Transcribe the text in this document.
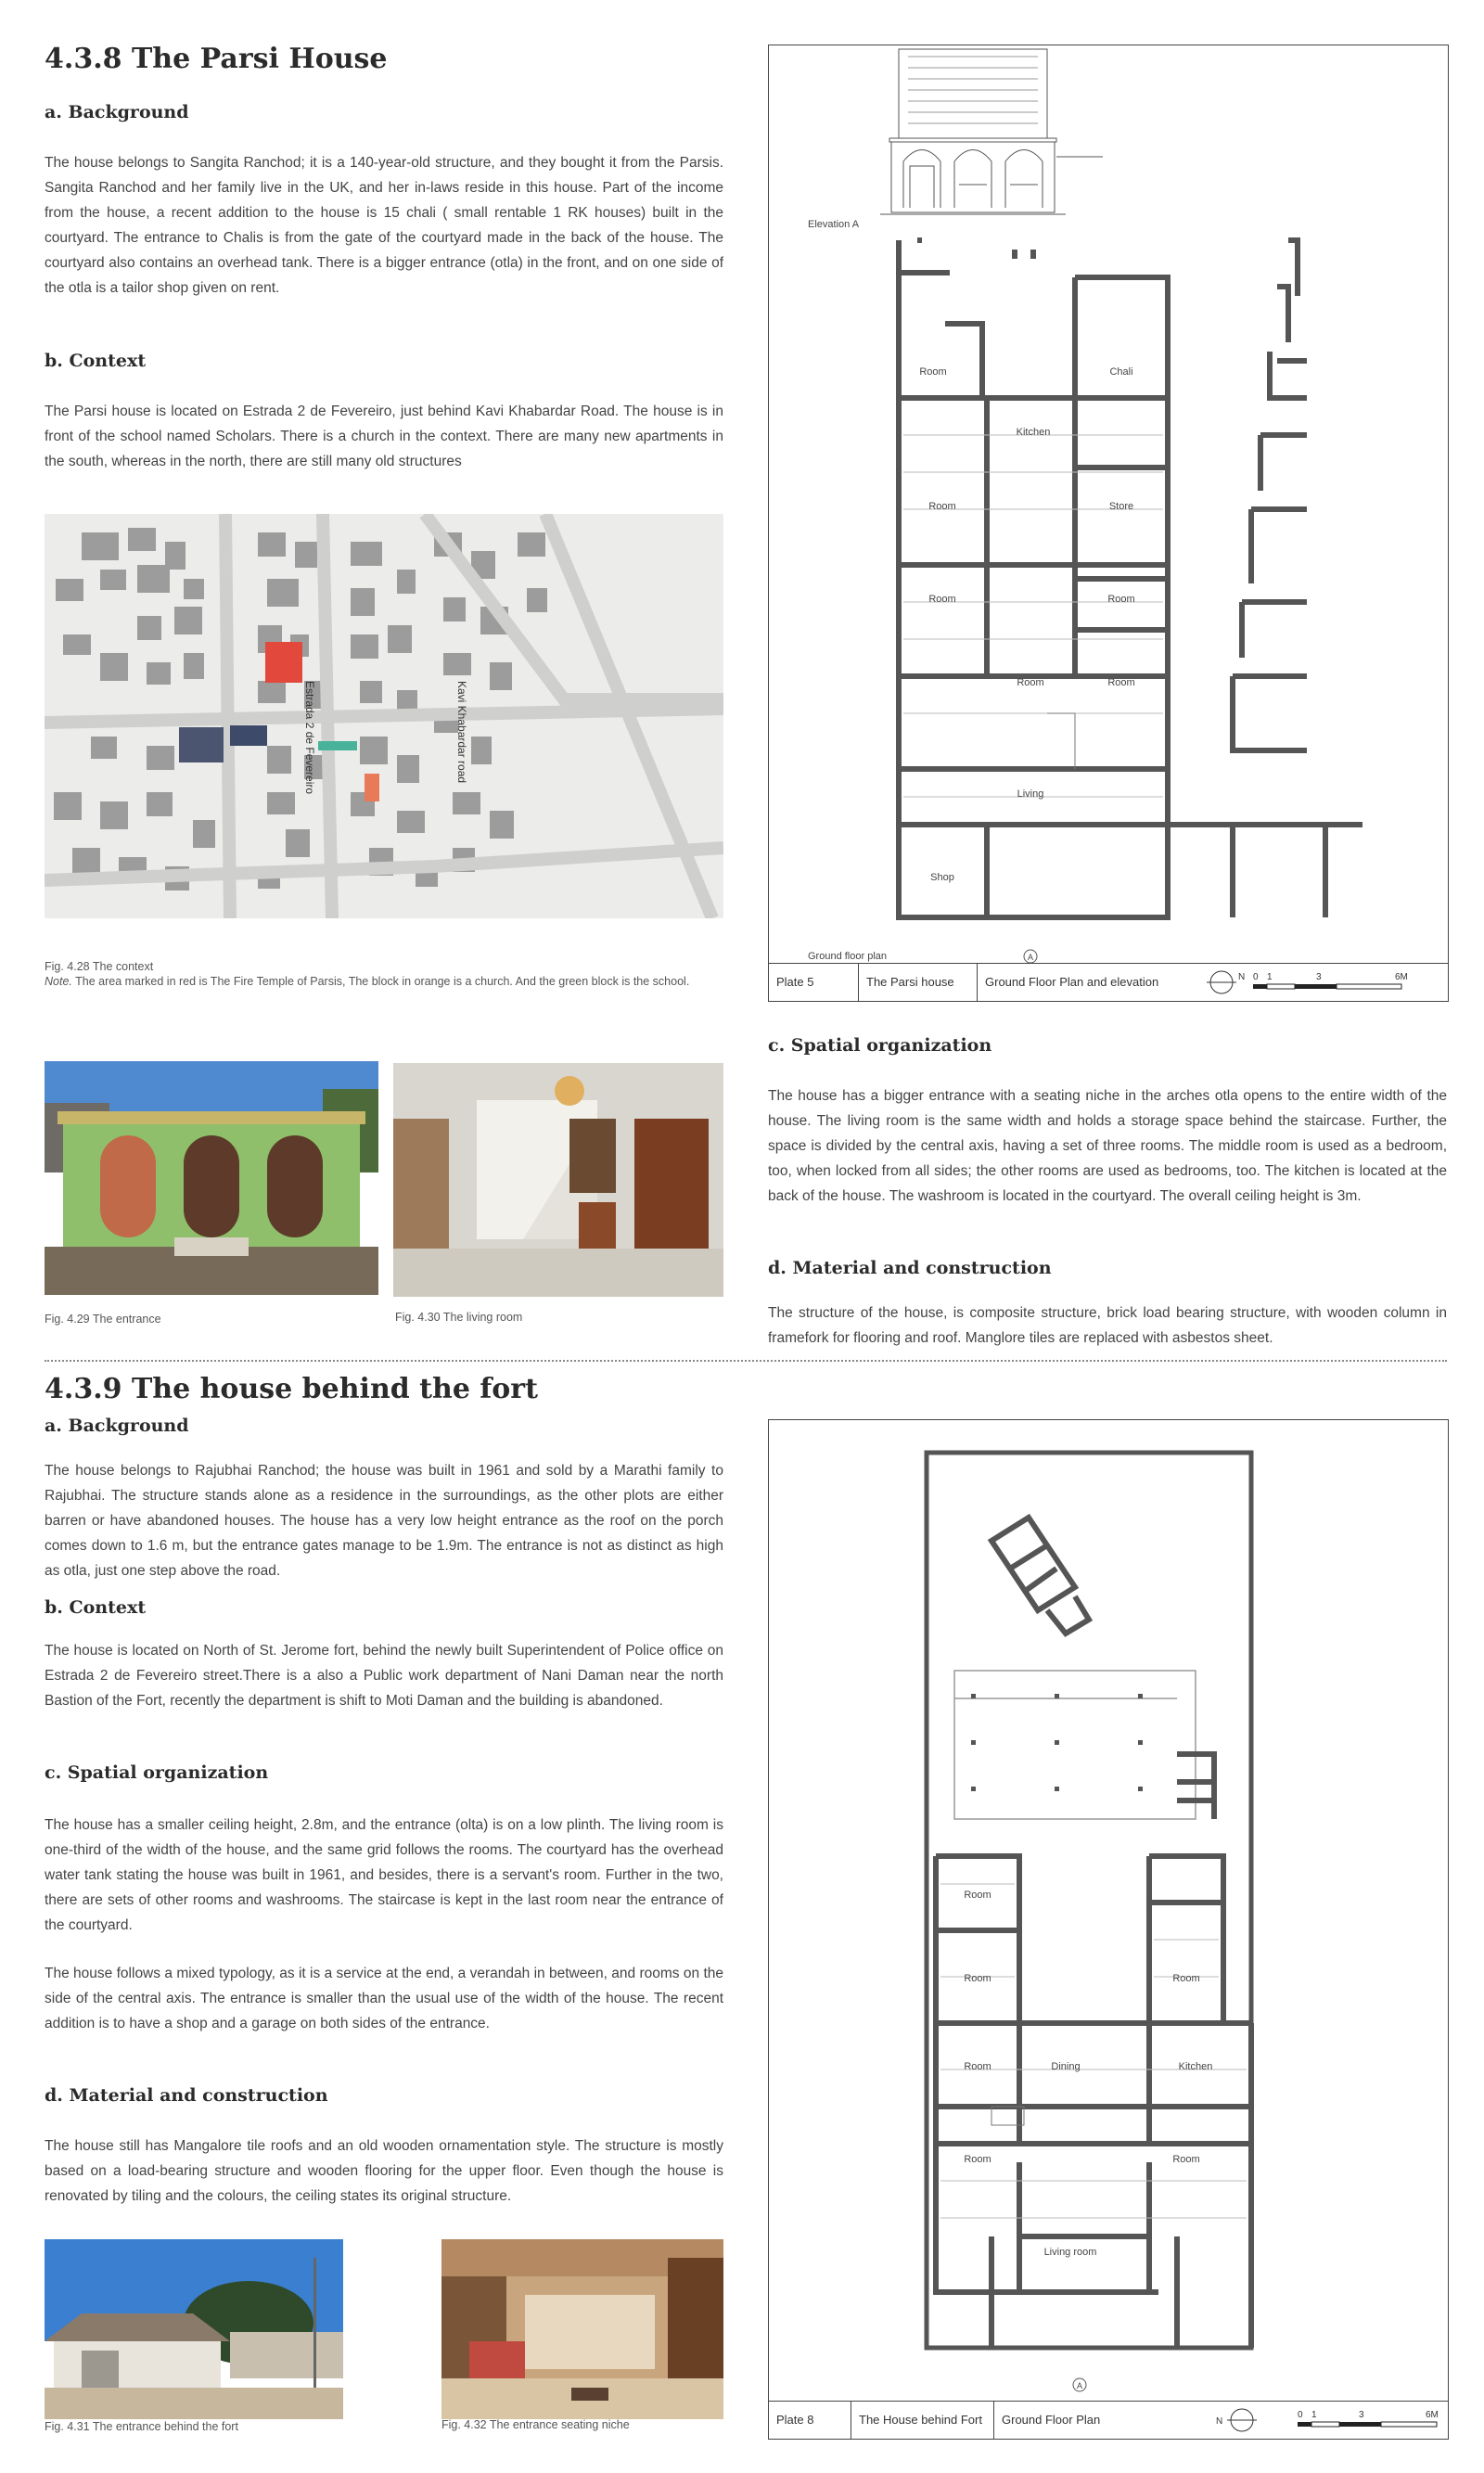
4.3.8 The Parsi House
a. Background

The house belongs to Sangita Ranchod; it is a 140-year-old structure, and they bought it from the Parsis. Sangita Ranchod and her family live in the UK, and her in-laws reside in this house. Part of the income from the house, a recent addition to the house is 15 chali ( small rentable 1 RK houses) built in the courtyard. The entrance to Chalis is from the gate of the courtyard made in the back of the house. The courtyard also contains an overhead tank. There is a bigger entrance (otla) in the front, and on one side of the otla is a tailor shop given on rent.

b. Context

The Parsi house is located on Estrada 2 de Fevereiro, just behind Kavi Khabardar Road. The house is in front of the school named Scholars. There is a church in the context. There are many new apartments in the south, whereas in the north, there are still many old structures

Estrada 2 de Fevereiro	Kavi Khabardar road
Fig. 4.28 The context
Note. The area marked in red is The Fire Temple of Parsis, The block in orange is a church. And the green block is the school.
Fig. 4.29 The entrance	Fig. 4.30 The living room
Elevation A
Room	Chali
Kitchen
Room	Store
Room	Room
Room	Room
Living
Shop
Ground floor plan	A
Plate 5	The Parsi house	Ground Floor Plan and elevation	N 0 1	3	6M
c. Spatial organization

The house has a bigger entrance with a seating niche in the arches otla opens to the entire width of the house. The living room is the same width and holds a storage space behind the staircase. Further, the space is divided by the central axis, having a set of three rooms. The middle room is used as a bedroom, too, when locked from all sides; the other rooms are used as bedrooms, too. The kitchen is located at the back of the house. The washroom is located in the courtyard. The overall ceiling height is 3m.

d. Material and construction

The structure of the house, is composite structure, brick load bearing structure, with wooden column in framefork for flooring and roof. Manglore tiles are replaced with asbestos sheet.

4.3.9 The house behind the fort
a. Background

The house belongs to Rajubhai Ranchod; the house was built in 1961 and sold by a Marathi family to Rajubhai. The structure stands alone as a residence in the surroundings, as the other plots are either barren or have abandoned houses. The house has a very low height entrance as the roof on the porch comes down to 1.6 m, but the entrance gates manage to be 1.9m. The entrance is not as distinct as high as otla, just one step above the road.

b. Context

The house is located on North of St. Jerome fort, behind the newly built Superintendent of Police office on Estrada 2 de Fevereiro street.There is a also a Public work department of Nani Daman near the north Bastion of the Fort, recently the department is shift to Moti Daman and the building is abandoned.

c. Spatial organization

The house has a smaller ceiling height, 2.8m, and the entrance (olta) is on a low plinth. The living room is one-third of the width of the house, and the same grid follows the rooms. The courtyard has the overhead water tank stating the house was built in 1961, and besides, there is a servant's room. Further in the two, there are sets of other rooms and washrooms. The staircase is kept in the last room near the entrance of the courtyard.

The house follows a mixed typology, as it is a service at the end, a verandah in between, and rooms on the side of the central axis. The entrance is smaller than the usual use of the width of the house. The recent addition is to have a shop and a garage on both sides of the entrance.

d. Material and construction

The house still has Mangalore tile roofs and an old wooden ornamentation style. The structure is mostly based on a load-bearing structure and wooden flooring for the upper floor. Even though the house is renovated by tiling and the colours, the ceiling states its original structure.

Fig. 4.31 The entrance behind the fort	Fig. 4.32 The entrance seating niche
Room
Room	Room
Room	Dining	Kitchen
Room	Room
Living room
A
Plate 8	The House behind Fort	Ground Floor Plan	N
0 1	3	6M
